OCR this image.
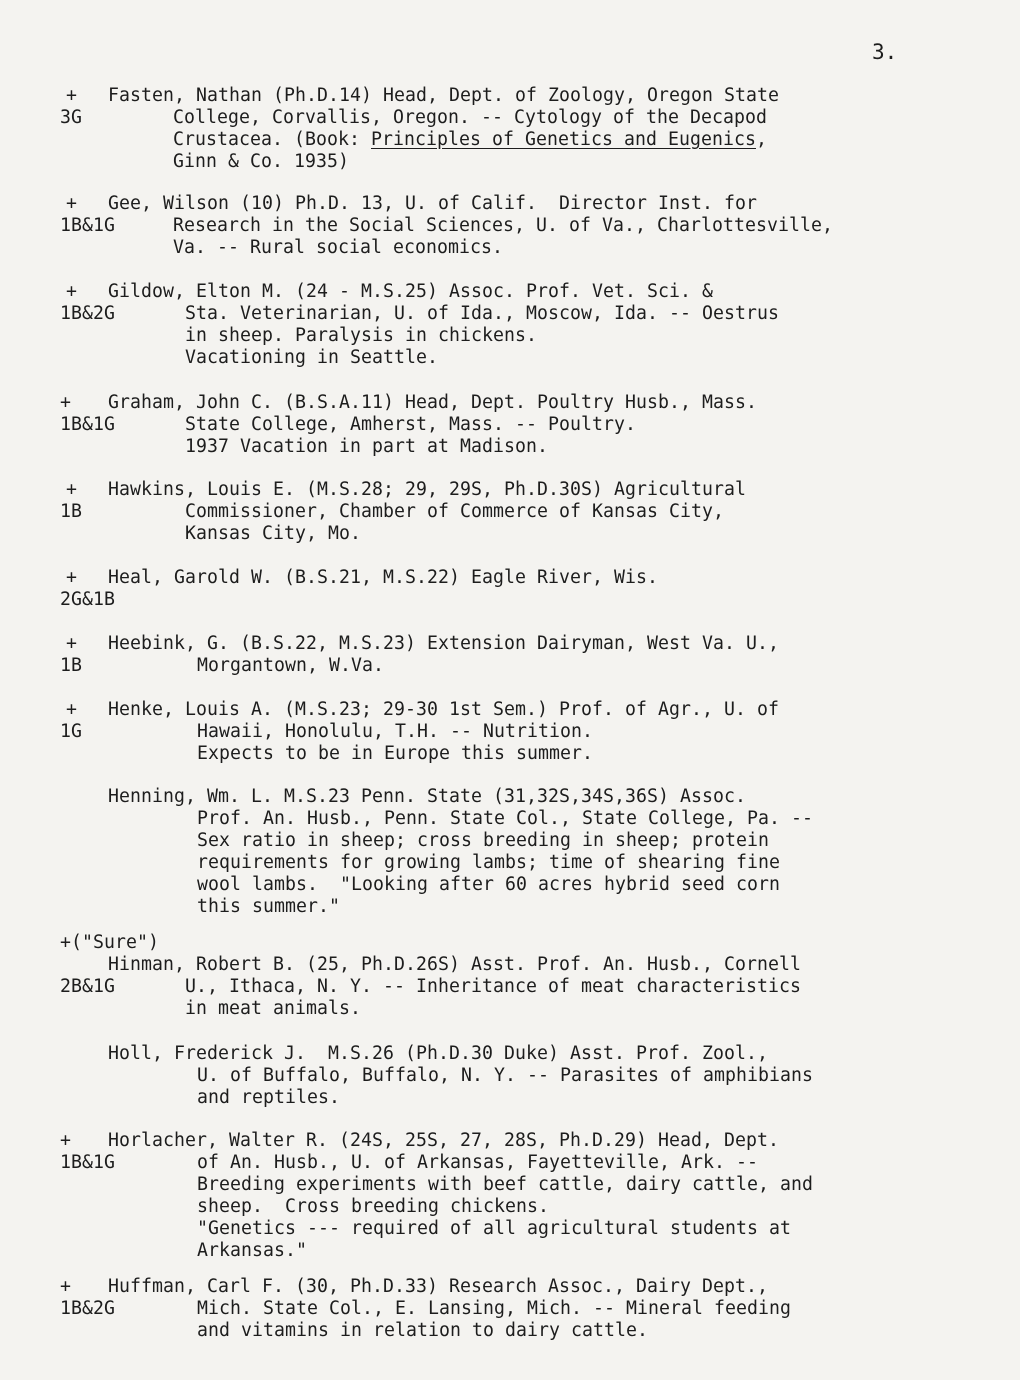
3.
+ Fasten, Nathan (Ph.D.14) Head, Dept. of Zoology, Oregon State
3G	College, Corvallis, Oregon. -- Cytology of the Decapod
Crustacea. (Book: Principles of Genetics and Eugenics,
Ginn & Co. 1935)
+ Gee, Wilson (10) Ph.D. 13, U. of Calif.  Director Inst. for
1B&1G	Research in the Social Sciences, U. of Va., Charlottesville,
Va. -- Rural social economics.
+ Gildow, Elton M. (24 - M.S.25) Assoc. Prof. Vet. Sci. &
1B&2G	Sta. Veterinarian, U. of Ida., Moscow, Ida. -- Oestrus
in sheep. Paralysis in chickens.
Vacationing in Seattle.
+ Graham, John C. (B.S.A.11) Head, Dept. Poultry Husb., Mass.
1B&1G	State College, Amherst, Mass. -- Poultry.
1937 Vacation in part at Madison.
+ Hawkins, Louis E. (M.S.28; 29, 29S, Ph.D.30S) Agricultural
1B	Commissioner, Chamber of Commerce of Kansas City,
Kansas City, Mo.
+ Heal, Garold W. (B.S.21, M.S.22) Eagle River, Wis.
2G&1B
+ Heebink, G. (B.S.22, M.S.23) Extension Dairyman, West Va. U.,
1B	Morgantown, W.Va.
+ Henke, Louis A. (M.S.23; 29-30 1st Sem.) Prof. of Agr., U. of
1G	Hawaii, Honolulu, T.H. -- Nutrition.
Expects to be in Europe this summer.
Henning, Wm. L. M.S.23 Penn. State (31,32S,34S,36S) Assoc.
Prof. An. Husb., Penn. State Col., State College, Pa. --
Sex ratio in sheep; cross breeding in sheep; protein
requirements for growing lambs; time of shearing fine
wool lambs.  "Looking after 60 acres hybrid seed corn
this summer."
+("Sure")
Hinman, Robert B. (25, Ph.D.26S) Asst. Prof. An. Husb., Cornell
2B&1G	U., Ithaca, N. Y. -- Inheritance of meat characteristics
in meat animals.
Holl, Frederick J.  M.S.26 (Ph.D.30 Duke) Asst. Prof. Zool.,
U. of Buffalo, Buffalo, N. Y. -- Parasites of amphibians
and reptiles.
+ Horlacher, Walter R. (24S, 25S, 27, 28S, Ph.D.29) Head, Dept.
1B&1G	of An. Husb., U. of Arkansas, Fayetteville, Ark. --
Breeding experiments with beef cattle, dairy cattle, and
sheep.  Cross breeding chickens.
"Genetics --- required of all agricultural students at
Arkansas."
+ Huffman, Carl F. (30, Ph.D.33) Research Assoc., Dairy Dept.,
1B&2G	Mich. State Col., E. Lansing, Mich. -- Mineral feeding
and vitamins in relation to dairy cattle.
